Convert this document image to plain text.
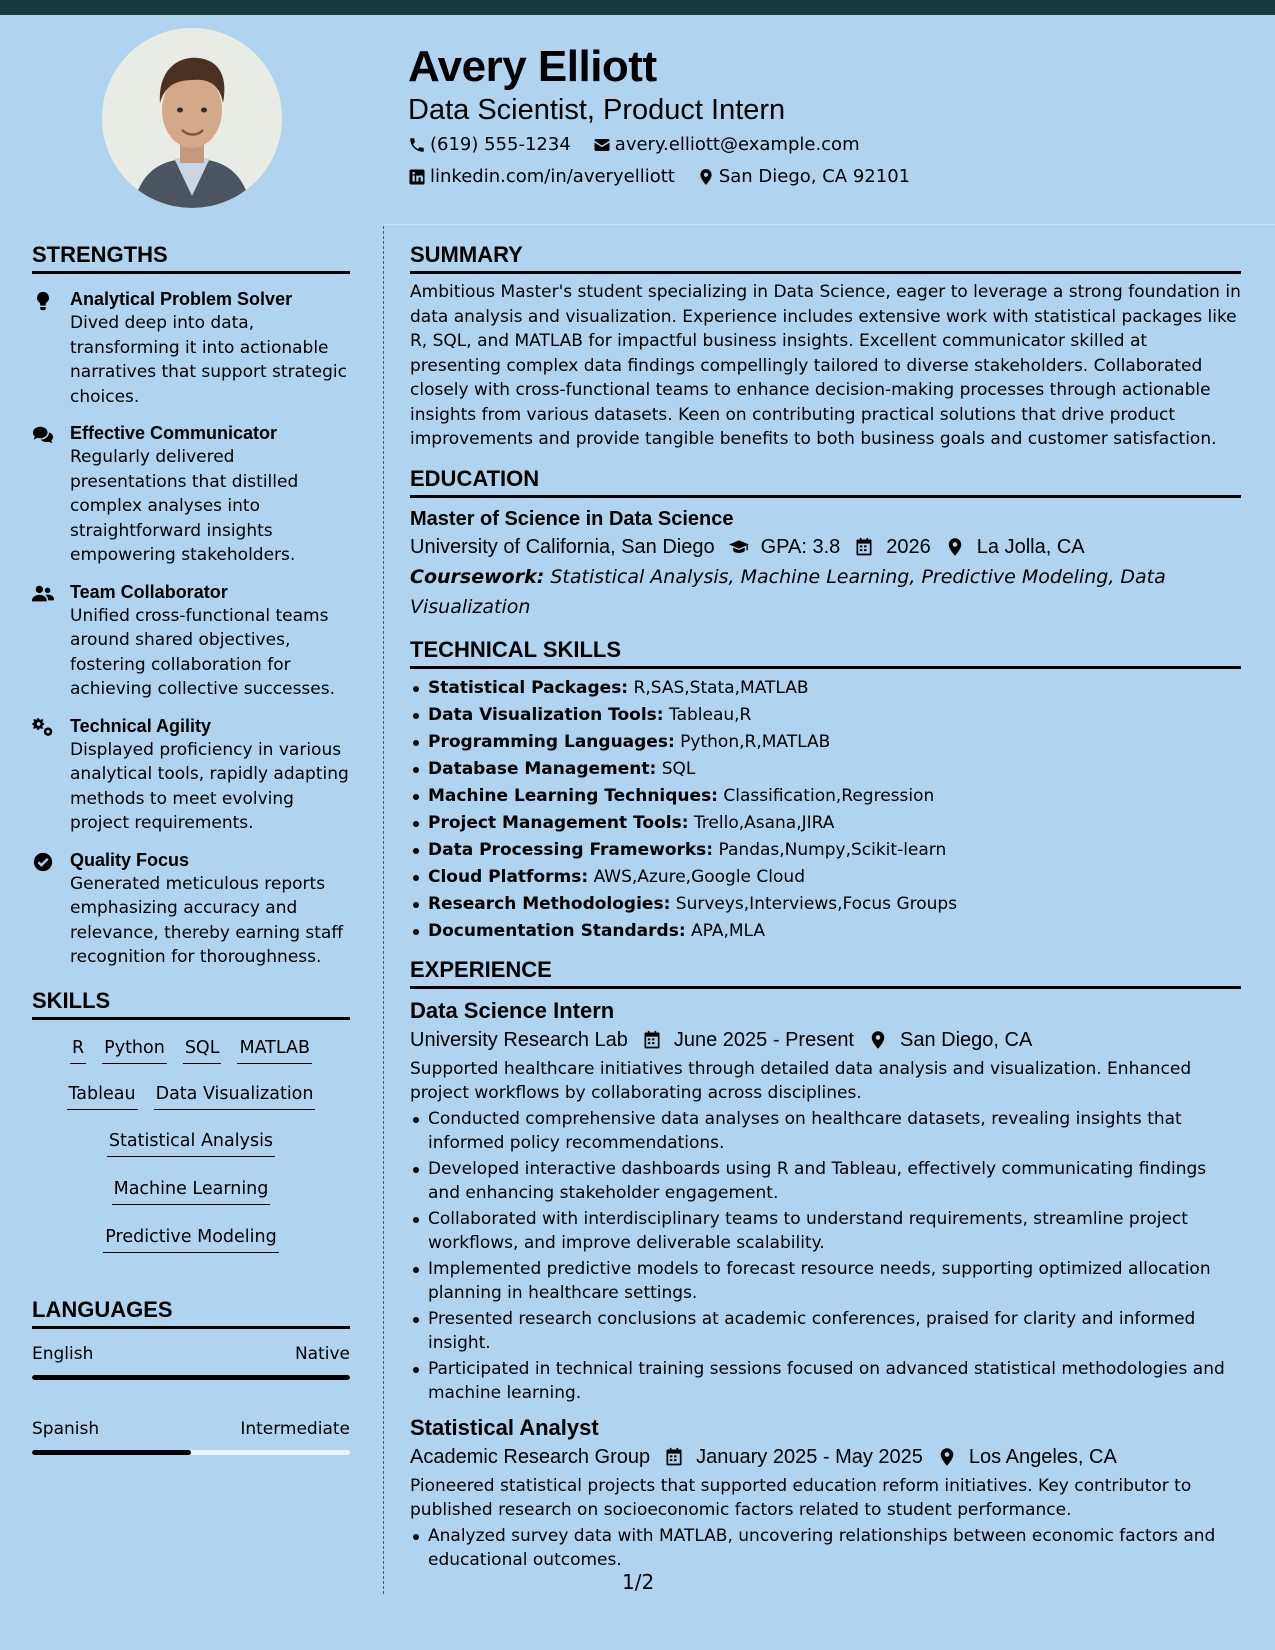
Avery Elliott
Data Scientist, Product Intern
(619) 555-1234 avery.elliott@example.com
linkedin.com/in/averyelliott San Diego, CA 92101
STRENGTHS
Analytical Problem Solver
Dived deep into data, transforming it into actionable narratives that support strategic choices.
Effective Communicator
Regularly delivered presentations that distilled complex analyses into straightforward insights empowering stakeholders.
Team Collaborator
Unified cross-functional teams around shared objectives, fostering collaboration for achieving collective successes.
Technical Agility
Displayed proficiency in various analytical tools, rapidly adapting methods to meet evolving project requirements.
Quality Focus
Generated meticulous reports emphasizing accuracy and relevance, thereby earning staff recognition for thoroughness.
SKILLS
R Python SQL MATLAB
Tableau Data Visualization
Statistical Analysis
Machine Learning
Predictive Modeling
LANGUAGES
English	Native
Spanish	Intermediate
SUMMARY
Ambitious Master's student specializing in Data Science, eager to leverage a strong foundation in data analysis and visualization. Experience includes extensive work with statistical packages like R, SQL, and MATLAB for impactful business insights. Excellent communicator skilled at presenting complex data findings compellingly tailored to diverse stakeholders. Collaborated closely with cross-functional teams to enhance decision-making processes through actionable insights from various datasets. Keen on contributing practical solutions that drive product improvements and provide tangible benefits to both business goals and customer satisfaction.
EDUCATION
Master of Science in Data Science
University of California, San Diego GPA: 3.8 2026 La Jolla, CA
Coursework: Statistical Analysis, Machine Learning, Predictive Modeling, Data Visualization
TECHNICAL SKILLS
Statistical Packages: R,SAS,Stata,MATLAB
Data Visualization Tools: Tableau,R
Programming Languages: Python,R,MATLAB
Database Management: SQL
Machine Learning Techniques: Classification,Regression
Project Management Tools: Trello,Asana,JIRA
Data Processing Frameworks: Pandas,Numpy,Scikit-learn
Cloud Platforms: AWS,Azure,Google Cloud
Research Methodologies: Surveys,Interviews,Focus Groups
Documentation Standards: APA,MLA
EXPERIENCE
Data Science Intern
University Research Lab June 2025 - Present San Diego, CA
Supported healthcare initiatives through detailed data analysis and visualization. Enhanced project workflows by collaborating across disciplines.
Conducted comprehensive data analyses on healthcare datasets, revealing insights that informed policy recommendations.
Developed interactive dashboards using R and Tableau, effectively communicating findings and enhancing stakeholder engagement.
Collaborated with interdisciplinary teams to understand requirements, streamline project workflows, and improve deliverable scalability.
Implemented predictive models to forecast resource needs, supporting optimized allocation planning in healthcare settings.
Presented research conclusions at academic conferences, praised for clarity and informed insight.
Participated in technical training sessions focused on advanced statistical methodologies and machine learning.
Statistical Analyst
Academic Research Group January 2025 - May 2025 Los Angeles, CA
Pioneered statistical projects that supported education reform initiatives. Key contributor to published research on socioeconomic factors related to student performance.
Analyzed survey data with MATLAB, uncovering relationships between economic factors and educational outcomes.
1/2
